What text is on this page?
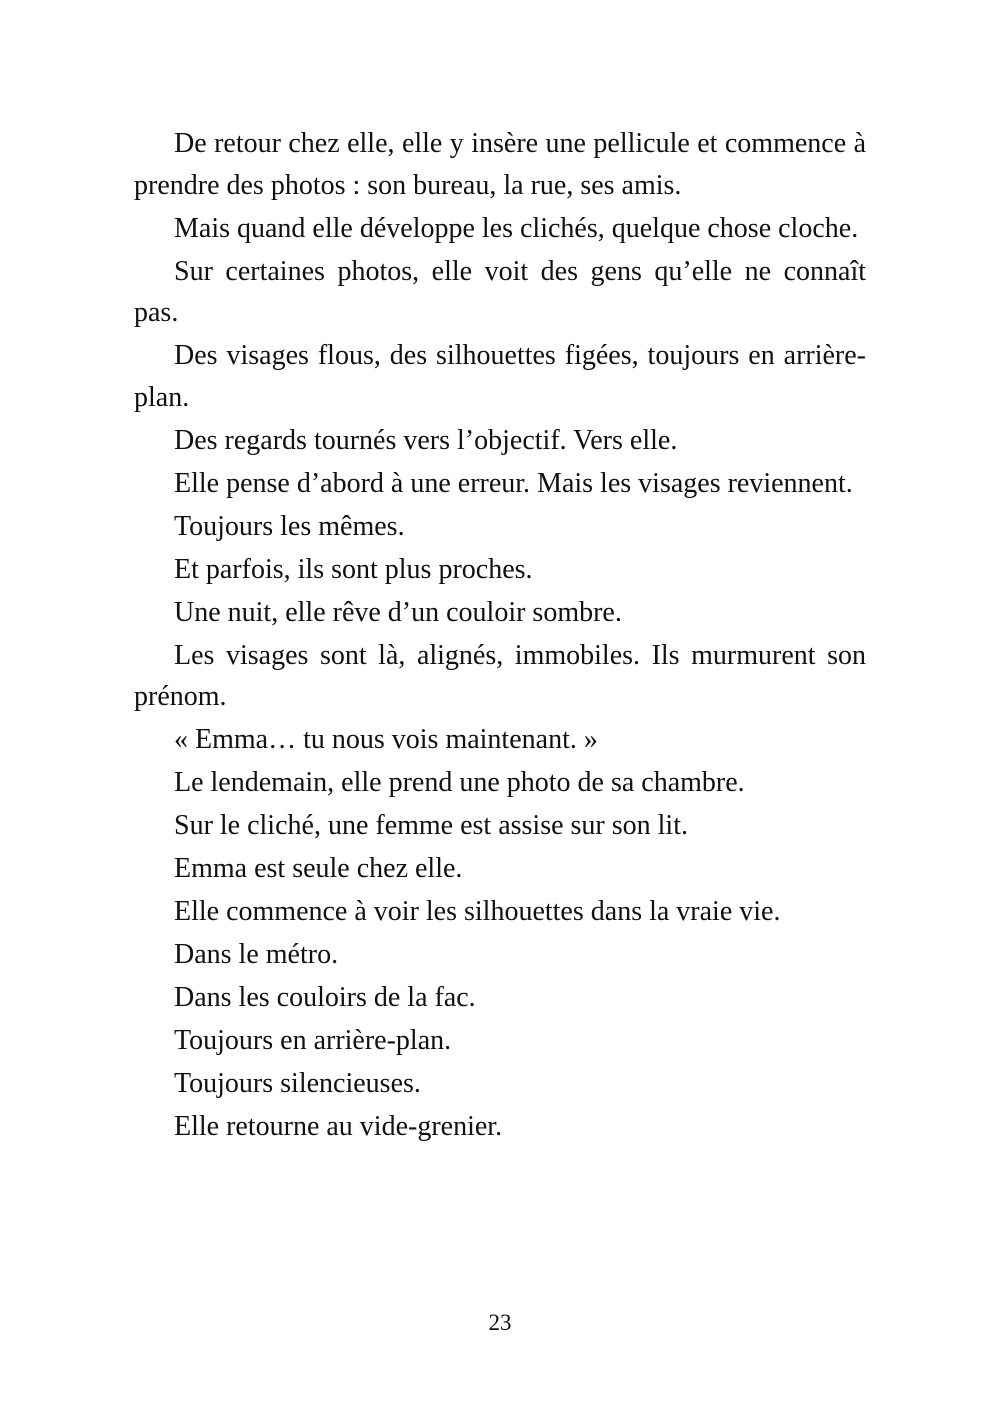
De retour chez elle, elle y insère une pellicule et commence à prendre des photos : son bureau, la rue, ses amis.

Mais quand elle développe les clichés, quelque chose cloche.

Sur certaines photos, elle voit des gens qu’elle ne connaît pas.

Des visages flous, des silhouettes figées, toujours en arrière-plan.

Des regards tournés vers l’objectif. Vers elle.

Elle pense d’abord à une erreur. Mais les visages reviennent.

Toujours les mêmes.

Et parfois, ils sont plus proches.

Une nuit, elle rêve d’un couloir sombre.

Les visages sont là, alignés, immobiles. Ils murmurent son prénom.

« Emma… tu nous vois maintenant. »

Le lendemain, elle prend une photo de sa chambre.

Sur le cliché, une femme est assise sur son lit.

Emma est seule chez elle.

Elle commence à voir les silhouettes dans la vraie vie.

Dans le métro.

Dans les couloirs de la fac.

Toujours en arrière-plan.

Toujours silencieuses.

Elle retourne au vide-grenier.

23
